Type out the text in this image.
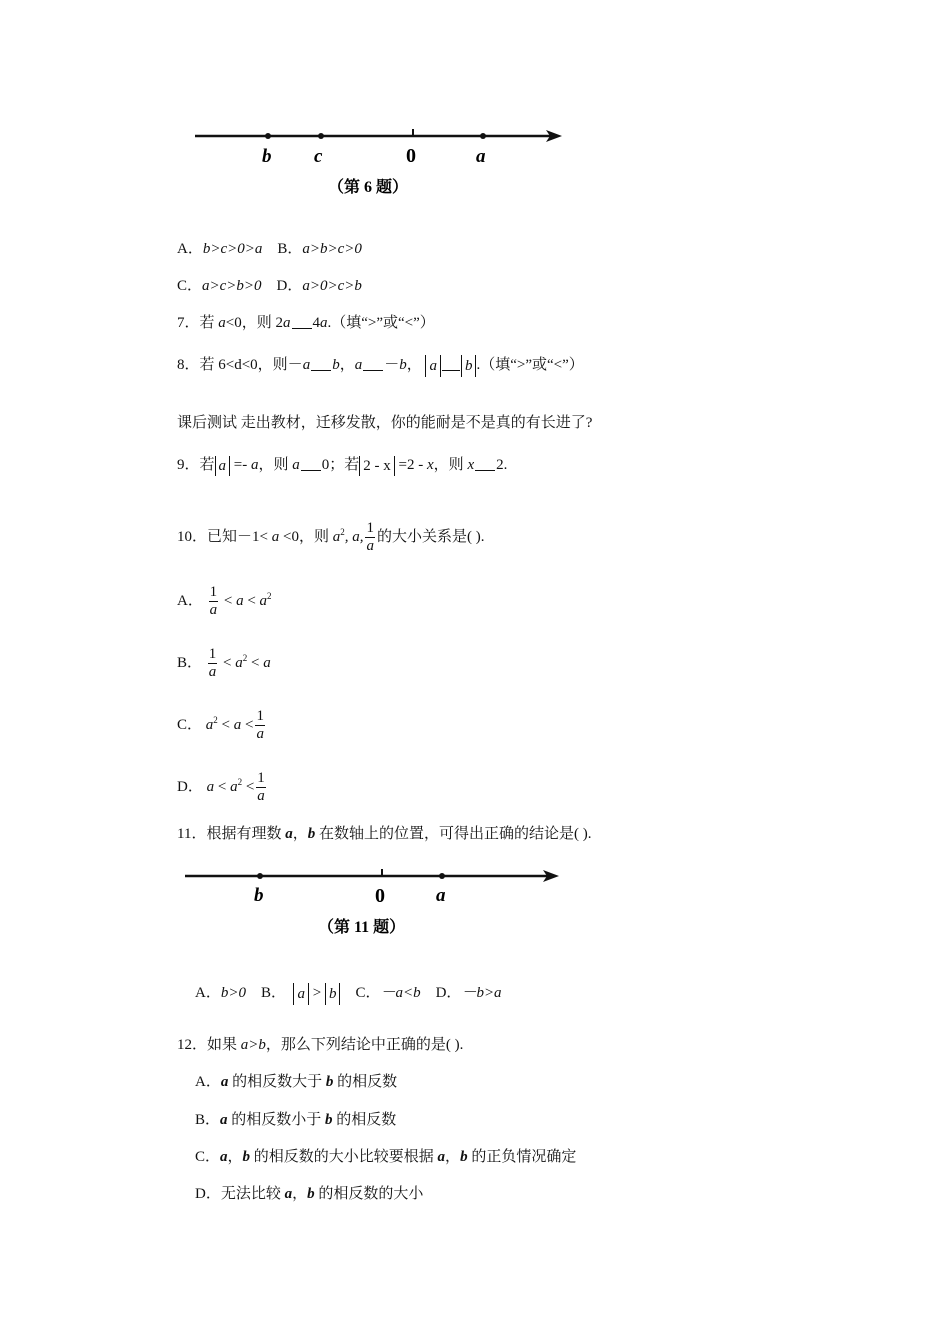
b c	0	a
（第 6 题）
A．b>c>0>a B．a>b>c>0
C．a>c>b>0 D．a>0>c>b
7．若 a<0，则 2a 4a.（填“>”或“<”）
8．若 6<d<0，则－a b，a －b， a b .（填“>”或“<”）
课后测试 走出教材，迁移发散，你的能耐是不是真的有长进了?
9．若 a =- a，则 a 0；若 2 - x =2 - x，则 x 2.
10．已知－1< a <0，则 $a^2$, a, $\frac{1}{a}$ 的大小关系是( ).
A． $\frac{1}{a} < a < a^2$
B． $\frac{1}{a} < a^2 < a$
C． $a^2 < a < \frac{1}{a}$
D． $a < a^2 < \frac{1}{a}$
11．根据有理数 a，b 在数轴上的位置，可得出正确的结论是( ).
b	0	a
（第 11 题）
A．b>0 B． a > b C．－a<b D．－b>a
12．如果 a>b，那么下列结论中正确的是( ).
A．a 的相反数大于 b 的相反数
B．a 的相反数小于 b 的相反数
C．a，b 的相反数的大小比较要根据 a，b 的正负情况确定
D．无法比较 a，b 的相反数的大小
